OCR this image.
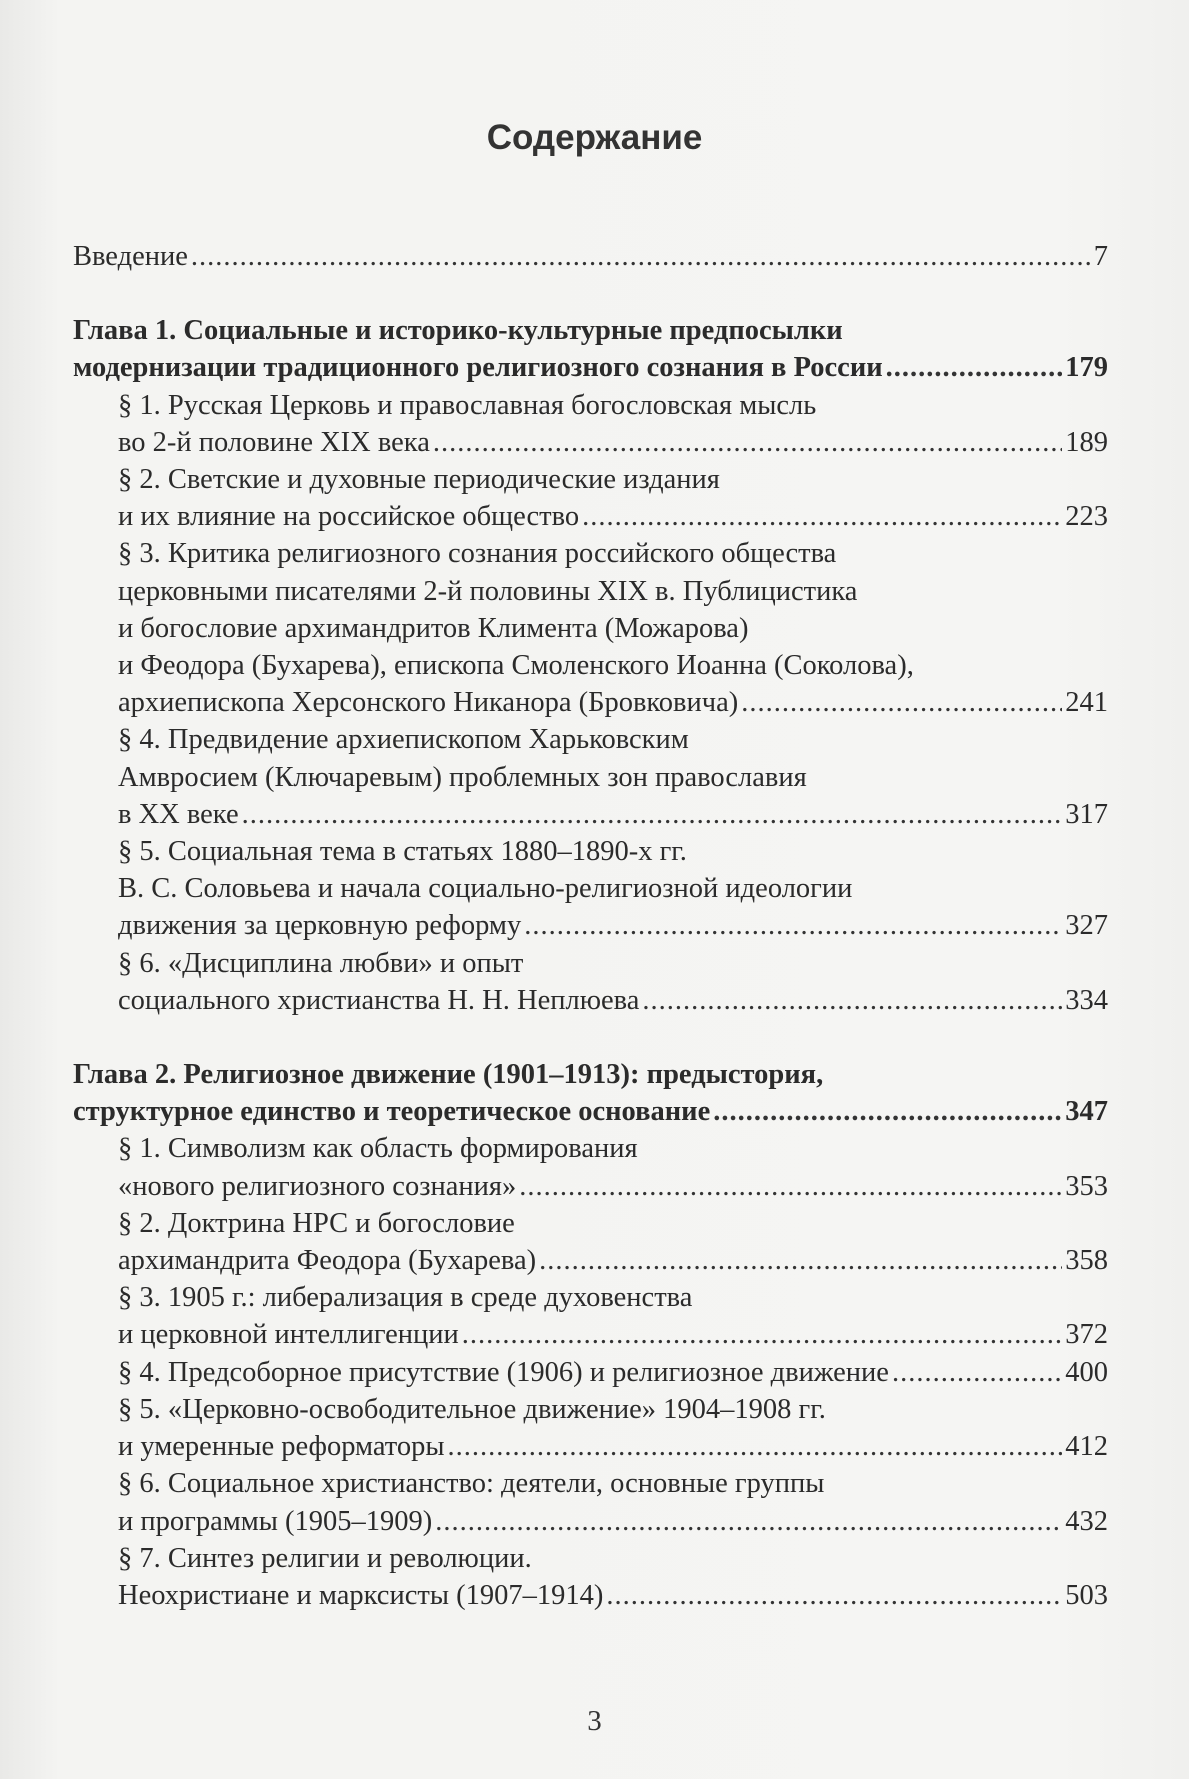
Содержание
Введение .....	7
Глава 1. Социальные и историко-культурные предпосылки
модернизации традиционного религиозного сознания в России .....	179
§ 1. Русская Церковь и православная богословская мысль
во 2-й половине XIX века .....	189
§ 2. Светские и духовные периодические издания
и их влияние на российское общество .....	223
§ 3. Критика религиозного сознания российского общества
церковными писателями 2-й половины XIX в. Публицистика
и богословие архимандритов Климента (Можарова)
и Феодора (Бухарева), епископа Смоленского Иоанна (Соколова),
архиепископа Херсонского Никанора (Бровковича) .....	241
§ 4. Предвидение архиепископом Харьковским
Амвросием (Ключаревым) проблемных зон православия
в XX веке .....	317
§ 5. Социальная тема в статьях 1880–1890-х гг.
В. С. Соловьева и начала социально-религиозной идеологии
движения за церковную реформу .....	327
§ 6. «Дисциплина любви» и опыт
социального христианства Н. Н. Неплюева .....	334
Глава 2. Религиозное движение (1901–1913): предыстория,
структурное единство и теоретическое основание .....	347
§ 1. Символизм как область формирования
«нового религиозного сознания» .....	353
§ 2. Доктрина НРС и богословие
архимандрита Феодора (Бухарева) .....	358
§ 3. 1905 г.: либерализация в среде духовенства
и церковной интеллигенции .....	372
§ 4. Предсоборное присутствие (1906) и религиозное движение .....	400
§ 5. «Церковно-освободительное движение» 1904–1908 гг.
и умеренные реформаторы .....	412
§ 6. Социальное христианство: деятели, основные группы
и программы (1905–1909) .....	432
§ 7. Синтез религии и революции.
Неохристиане и марксисты (1907–1914) .....	503
3
